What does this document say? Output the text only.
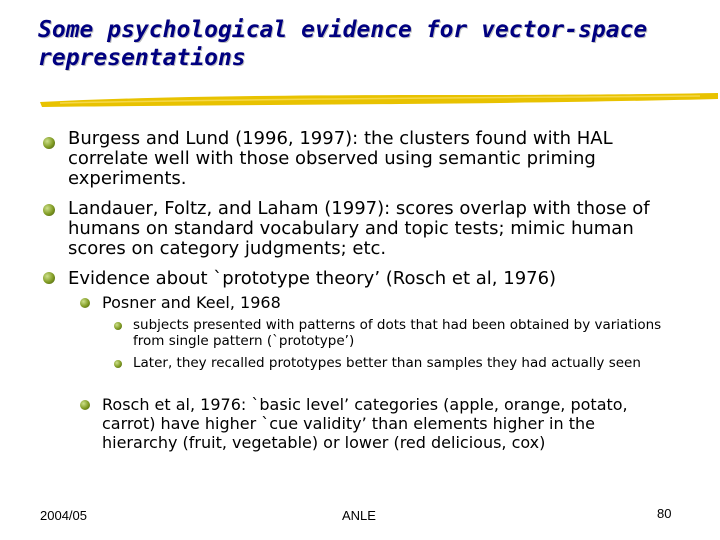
Some psychological evidence for vector-space representations
Burgess and Lund (1996, 1997): the clusters found with HAL correlate well with those observed using semantic priming experiments.
Landauer, Foltz, and Laham (1997): scores overlap with those of humans on standard vocabulary and topic tests; mimic human scores on category judgments; etc.
Evidence about `prototype theory’ (Rosch et al, 1976)
Posner and Keel, 1968
subjects presented with patterns of dots that had been obtained by variations from single pattern (`prototype’)
Later, they recalled prototypes better than samples they had actually seen
Rosch et al, 1976: `basic level’ categories (apple, orange, potato, carrot) have higher `cue validity’ than elements higher in the hierarchy (fruit, vegetable) or lower (red delicious, cox)
2004/05	ANLE	80
